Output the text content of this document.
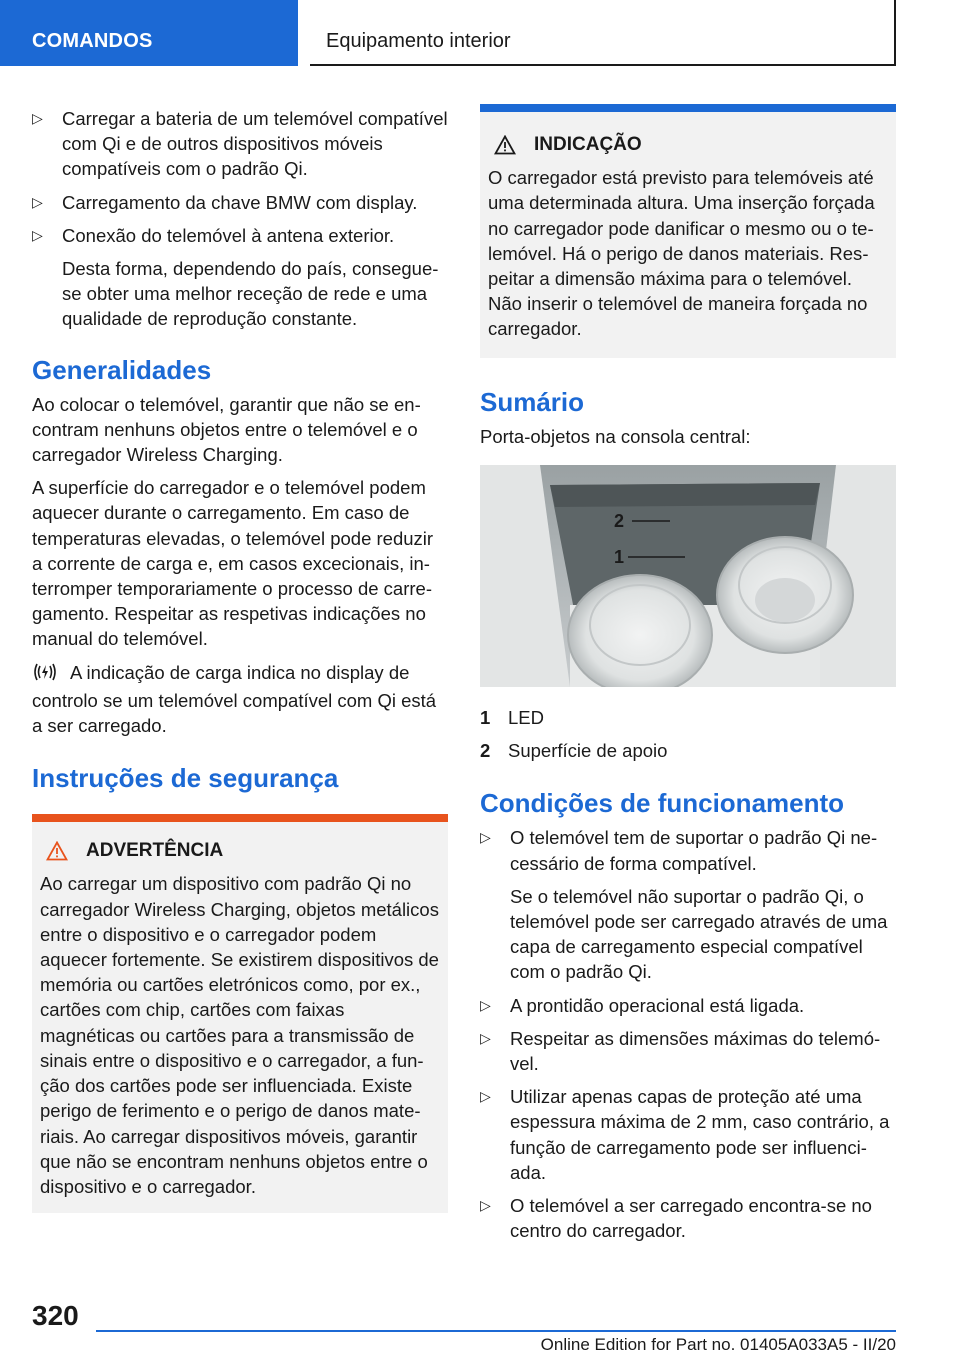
COMANDOS	Equipamento interior
▷ Carregar a bateria de um telemóvel compatível com Qi e de outros dispositivos móveis compatíveis com o padrão Qi.
▷ Carregamento da chave BMW com display.
▷ Conexão do telemóvel à antena exterior.

Desta forma, dependendo do país, consegue-se obter uma melhor receção de rede e uma qualidade de reprodução constante.

Generalidades

Ao colocar o telemóvel, garantir que não se encontram nenhuns objetos entre o telemóvel e o carregador Wireless Charging.

A superfície do carregador e o telemóvel podem aquecer durante o carregamento. Em caso de temperaturas elevadas, o telemóvel pode reduzir a corrente de carga e, em casos excecionais, interromper temporariamente o processo de carregamento. Respeitar as respetivas indicações no manual do telemóvel.

A indicação de carga indica no display de controlo se um telemóvel compatível com Qi está a ser carregado.

Instruções de segurança
ADVERTÊNCIA

Ao carregar um dispositivo com padrão Qi no carregador Wireless Charging, objetos metálicos entre o dispositivo e o carregador podem aquecer fortemente. Se existirem dispositivos de memória ou cartões eletrónicos como, por ex., cartões com chip, cartões com faixas magnéticas ou cartões para a transmissão de sinais entre o dispositivo e o carregador, a função dos cartões pode ser influenciada. Existe perigo de ferimento e o perigo de danos materiais. Ao carregar dispositivos móveis, garantir que não se encontram nenhuns objetos entre o dispositivo e o carregador.

INDICAÇÃO

O carregador está previsto para telemóveis até uma determinada altura. Uma inserção forçada no carregador pode danificar o mesmo ou o telemóvel. Há o perigo de danos materiais. Respeitar a dimensão máxima para o telemóvel. Não inserir o telemóvel de maneira forçada no carregador.

Sumário

Porta-objetos na consola central:

2
1
1 LED
2 Superfície de apoio
Condições de funcionamento
▷ O telemóvel tem de suportar o padrão Qi necessário de forma compatível.

Se o telemóvel não suportar o padrão Qi, o telemóvel pode ser carregado através de uma capa de carregamento especial compatível com o padrão Qi.

▷ A prontidão operacional está ligada.
▷ Respeitar as dimensões máximas do telemóvel.
▷ Utilizar apenas capas de proteção até uma espessura máxima de 2 mm, caso contrário, a função de carregamento pode ser influenciada.
▷ O telemóvel a ser carregado encontra-se no centro do carregador.
320
Online Edition for Part no. 01405A033A5 - II/20
